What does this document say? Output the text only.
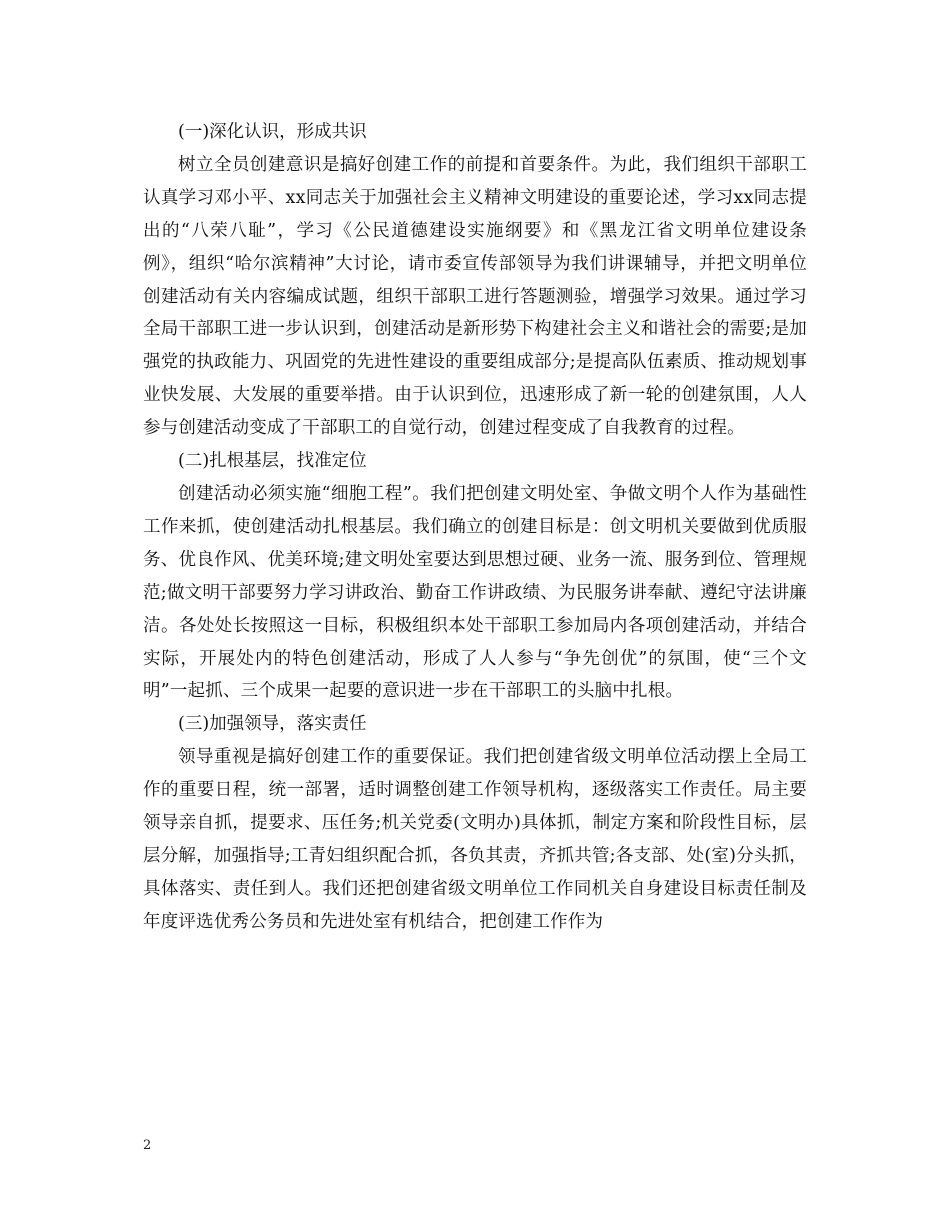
(一)深化认识，形成共识

树立全员创建意识是搞好创建工作的前提和首要条件。为此，我们组织干部职工认真学习邓小平、xx同志关于加强社会主义精神文明建设的重要论述，学习xx同志提出的“八荣八耻”，学习《公民道德建设实施纲要》和《黑龙江省文明单位建设条例》，组织“哈尔滨精神”大讨论，请市委宣传部领导为我们讲课辅导，并把文明单位创建活动有关内容编成试题，组织干部职工进行答题测验，增强学习效果。通过学习全局干部职工进一步认识到，创建活动是新形势下构建社会主义和谐社会的需要;是加强党的执政能力、巩固党的先进性建设的重要组成部分;是提高队伍素质、推动规划事业快发展、大发展的重要举措。由于认识到位，迅速形成了新一轮的创建氛围，人人参与创建活动变成了干部职工的自觉行动，创建过程变成了自我教育的过程。

(二)扎根基层，找准定位

创建活动必须实施“细胞工程”。我们把创建文明处室、争做文明个人作为基础性工作来抓，使创建活动扎根基层。我们确立的创建目标是：创文明机关要做到优质服务、优良作风、优美环境;建文明处室要达到思想过硬、业务一流、服务到位、管理规范;做文明干部要努力学习讲政治、勤奋工作讲政绩、为民服务讲奉献、遵纪守法讲廉洁。各处处长按照这一目标，积极组织本处干部职工参加局内各项创建活动，并结合实际，开展处内的特色创建活动，形成了人人参与“争先创优”的氛围，使“三个文明”一起抓、三个成果一起要的意识进一步在干部职工的头脑中扎根。

(三)加强领导，落实责任

领导重视是搞好创建工作的重要保证。我们把创建省级文明单位活动摆上全局工作的重要日程，统一部署，适时调整创建工作领导机构，逐级落实工作责任。局主要领导亲自抓，提要求、压任务;机关党委(文明办)具体抓，制定方案和阶段性目标，层层分解，加强指导;工青妇组织配合抓，各负其责，齐抓共管;各支部、处(室)分头抓，具体落实、责任到人。我们还把创建省级文明单位工作同机关自身建设目标责任制及年度评选优秀公务员和先进处室有机结合，把创建工作作为

2
